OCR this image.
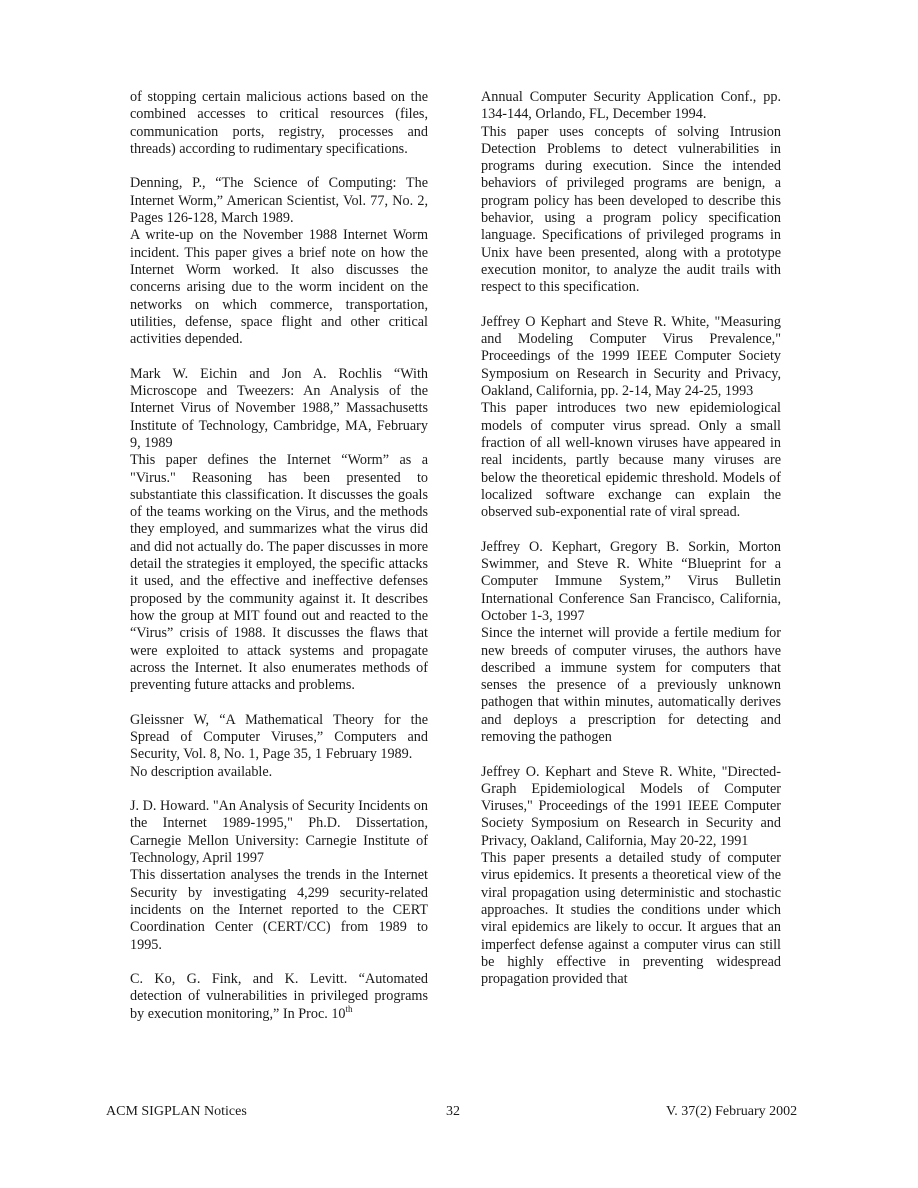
of stopping certain malicious actions based on the combined accesses to critical resources (files, communication ports, registry, processes and threads) according to rudimentary specifications.

Denning, P., “The Science of Computing: The Internet Worm,” American Scientist, Vol. 77, No. 2, Pages 126-128, March 1989.
A write-up on the November 1988 Internet Worm incident. This paper gives a brief note on how the Internet Worm worked. It also discusses the concerns arising due to the worm incident on the networks on which commerce, transportation, utilities, defense, space flight and other critical activities depended.
Mark W. Eichin and Jon A. Rochlis “With Microscope and Tweezers: An Analysis of the Internet Virus of November 1988,” Massachusetts Institute of Technology, Cambridge, MA, February 9, 1989
This paper defines the Internet “Worm” as a "Virus." Reasoning has been presented to substantiate this classification. It discusses the goals of the teams working on the Virus, and the methods they employed, and summarizes what the virus did and did not actually do. The paper discusses in more detail the strategies it employed, the specific attacks it used, and the effective and ineffective defenses proposed by the community against it. It describes how the group at MIT found out and reacted to the “Virus” crisis of 1988. It discusses the flaws that were exploited to attack systems and propagate across the Internet. It also enumerates methods of preventing future attacks and problems.
Gleissner W, “A Mathematical Theory for the Spread of Computer Viruses,” Computers and Security, Vol. 8, No. 1, Page 35, 1 February 1989.
No description available.
J. D. Howard. "An Analysis of Security Incidents on the Internet 1989-1995," Ph.D. Dissertation, Carnegie Mellon University: Carnegie Institute of Technology, April 1997
This dissertation analyses the trends in the Internet Security by investigating 4,299 security-related incidents on the Internet reported to the CERT Coordination Center (CERT/CC) from 1989 to 1995.
C. Ko, G. Fink, and K. Levitt. “Automated detection of vulnerabilities in privileged programs by execution monitoring,” In Proc. 10th
Annual Computer Security Application Conf., pp. 134-144, Orlando, FL, December 1994.
This paper uses concepts of solving Intrusion Detection Problems to detect vulnerabilities in programs during execution. Since the intended behaviors of privileged programs are benign, a program policy has been developed to describe this behavior, using a program policy specification language. Specifications of privileged programs in Unix have been presented, along with a prototype execution monitor, to analyze the audit trails with respect to this specification.
Jeffrey O Kephart and Steve R. White, "Measuring and Modeling Computer Virus Prevalence," Proceedings of the 1999 IEEE Computer Society Symposium on Research in Security and Privacy, Oakland, California, pp. 2-14, May 24-25, 1993
This paper introduces two new epidemiological models of computer virus spread. Only a small fraction of all well-known viruses have appeared in real incidents, partly because many viruses are below the theoretical epidemic threshold. Models of localized software exchange can explain the observed sub-exponential rate of viral spread.
Jeffrey O. Kephart, Gregory B. Sorkin, Morton Swimmer, and Steve R. White “Blueprint for a Computer Immune System,” Virus Bulletin International Conference San Francisco, California, October 1-3, 1997
Since the internet will provide a fertile medium for new breeds of computer viruses, the authors have described a immune system for computers that senses the presence of a previously unknown pathogen that within minutes, automatically derives and deploys a prescription for detecting and removing the pathogen
Jeffrey O. Kephart and Steve R. White, "Directed-Graph Epidemiological Models of Computer Viruses," Proceedings of the 1991 IEEE Computer Society Symposium on Research in Security and Privacy, Oakland, California, May 20-22, 1991
This paper presents a detailed study of computer virus epidemics. It presents a theoretical view of the viral propagation using deterministic and stochastic approaches. It studies the conditions under which viral epidemics are likely to occur. It argues that an imperfect defense against a computer virus can still be highly effective in preventing widespread propagation provided that
ACM SIGPLAN Notices	32	V. 37(2) February 2002
